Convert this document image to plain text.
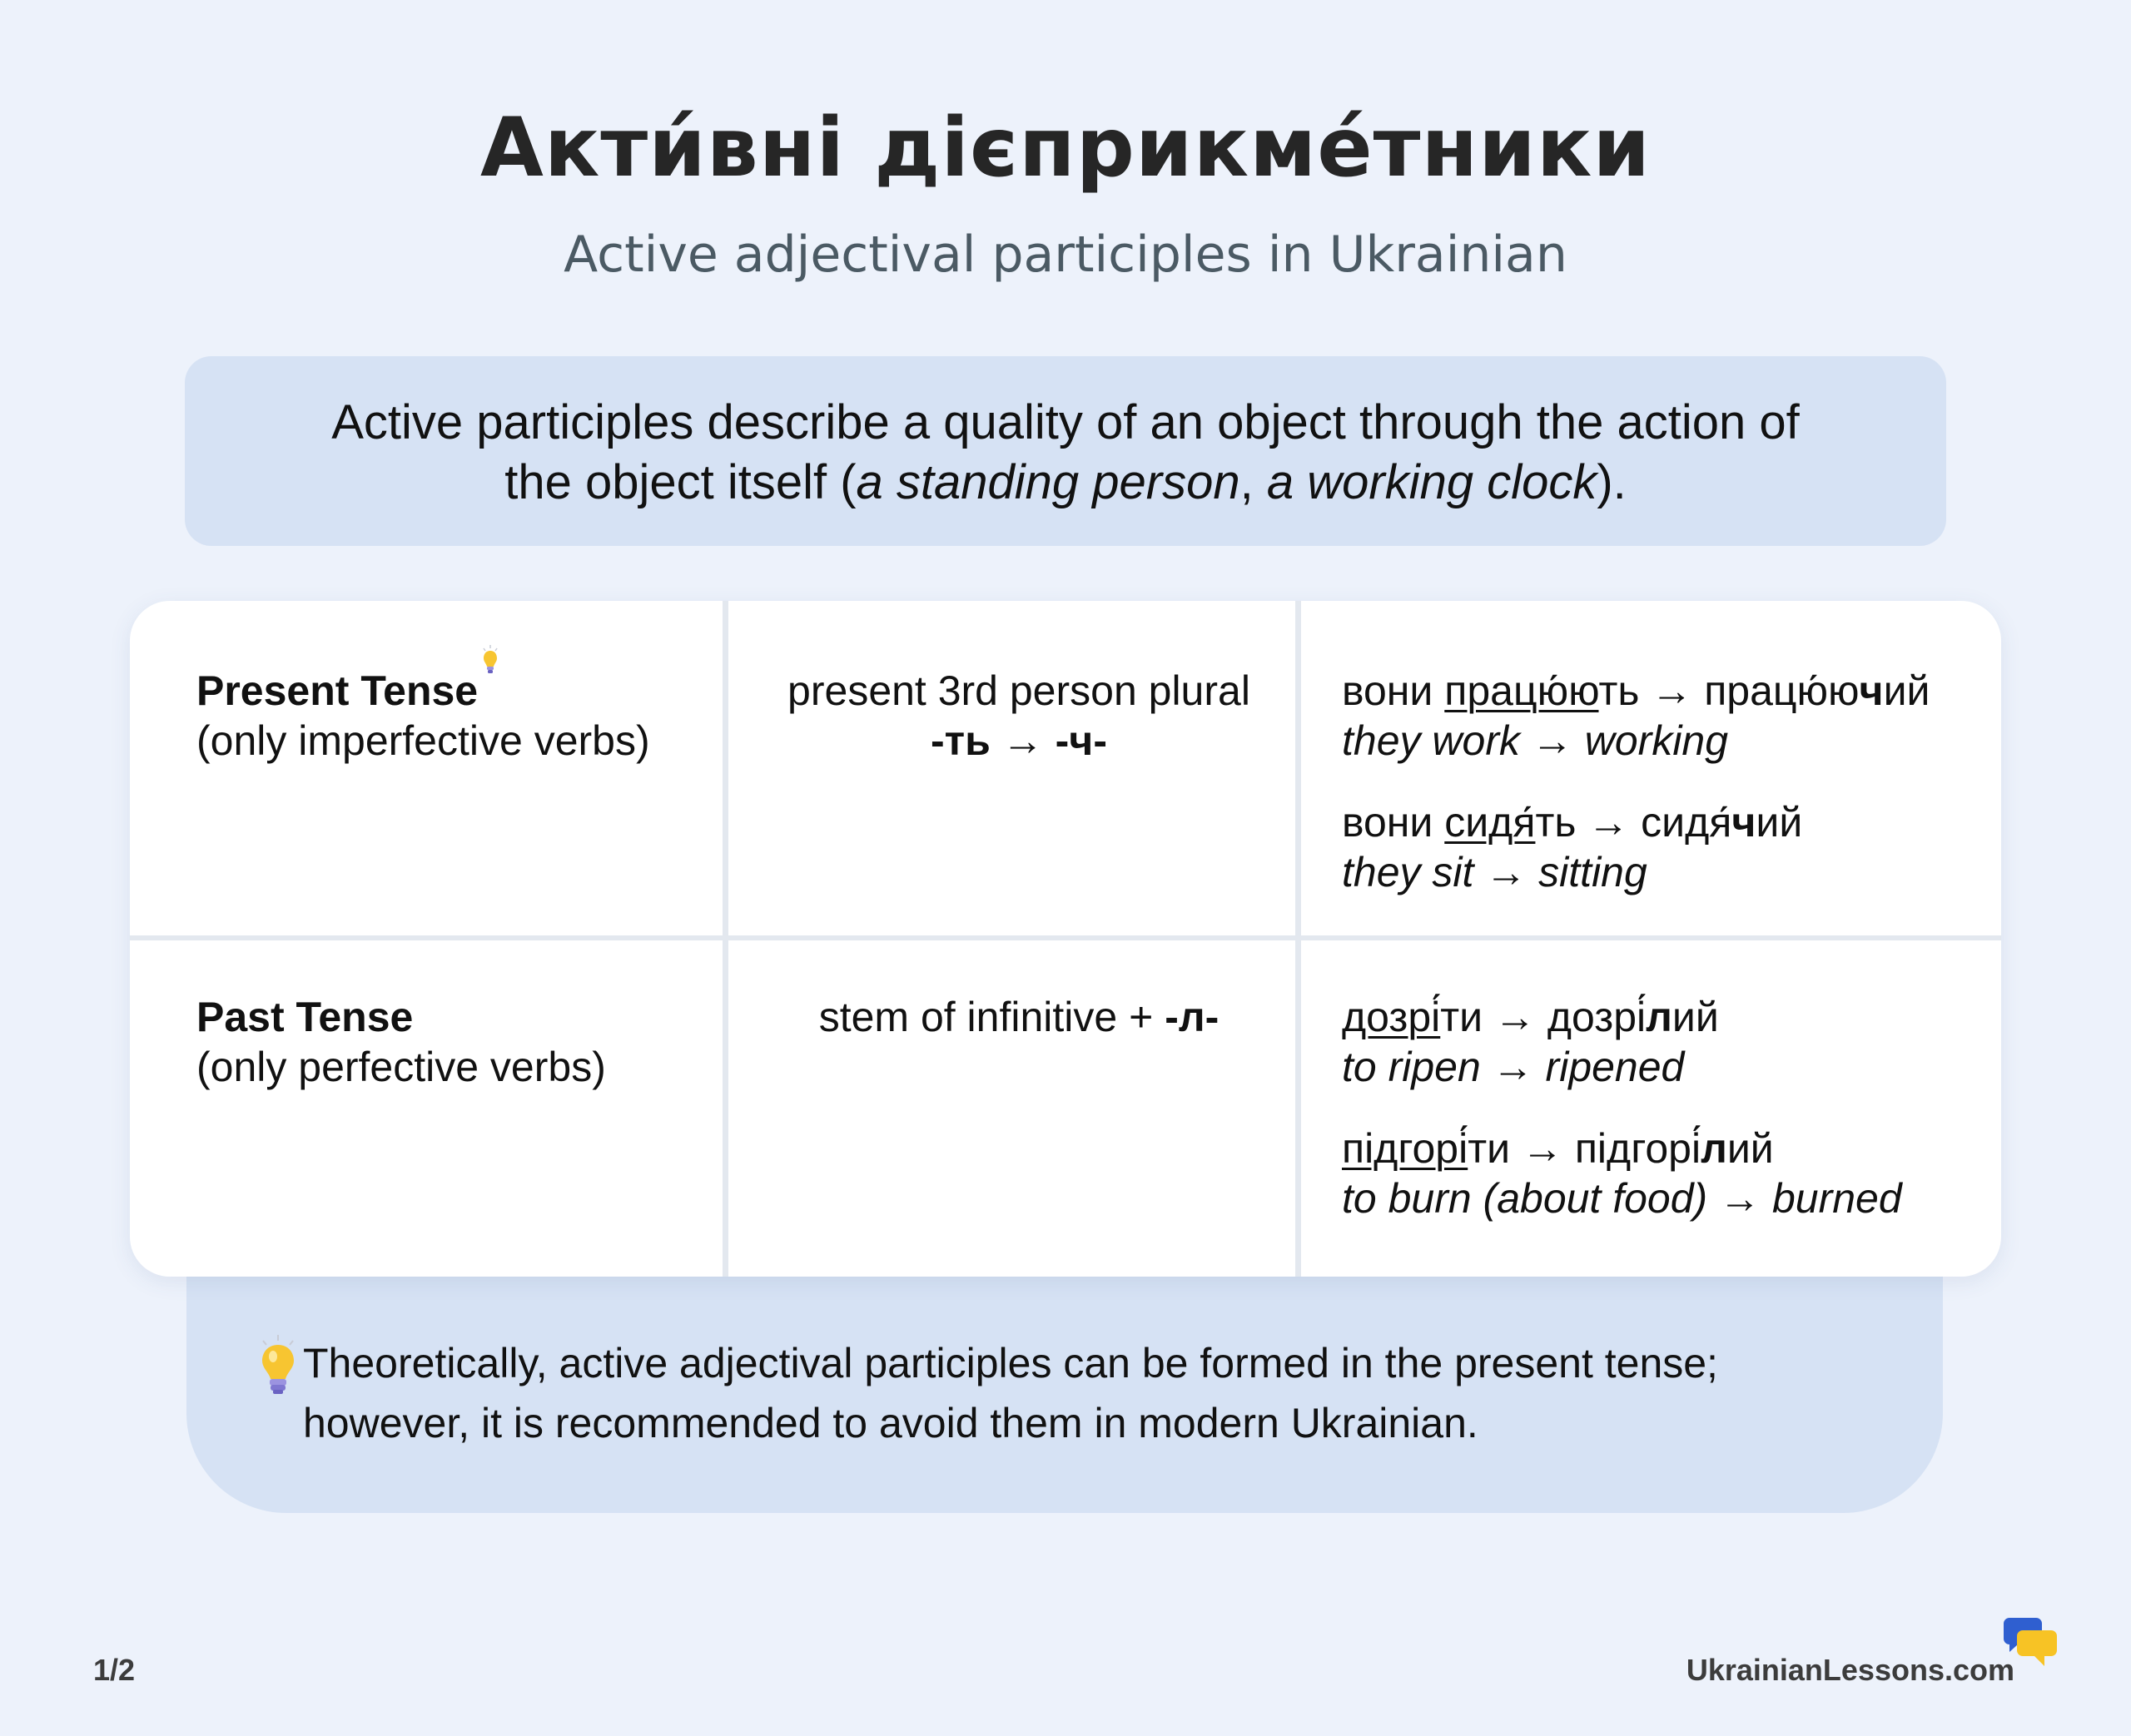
Акти́вні дієприкме́тники

Active adjectival participles in Ukrainian

Active participles describe a quality of an object through the action of
the object itself (a standing person, a working clock).
Theoretically, active adjectival participles can be formed in the present tense;
however, it is recommended to avoid them in modern Ukrainian.
Present Tense
(only imperfective verbs)
present 3rd person plural
-ть → -ч-
вони працю́ють → працю́ючий
they work → working
вони сидя́ть → сидя́чий
they sit → sitting
Past Tense
(only perfective verbs)
stem of infinitive + -л-	дозрі́ти → дозрі́лий
to ripen → ripened
підгорі́ти → підгорі́лий
to burn (about food) → burned
1/2	UkrainianLessons.com
